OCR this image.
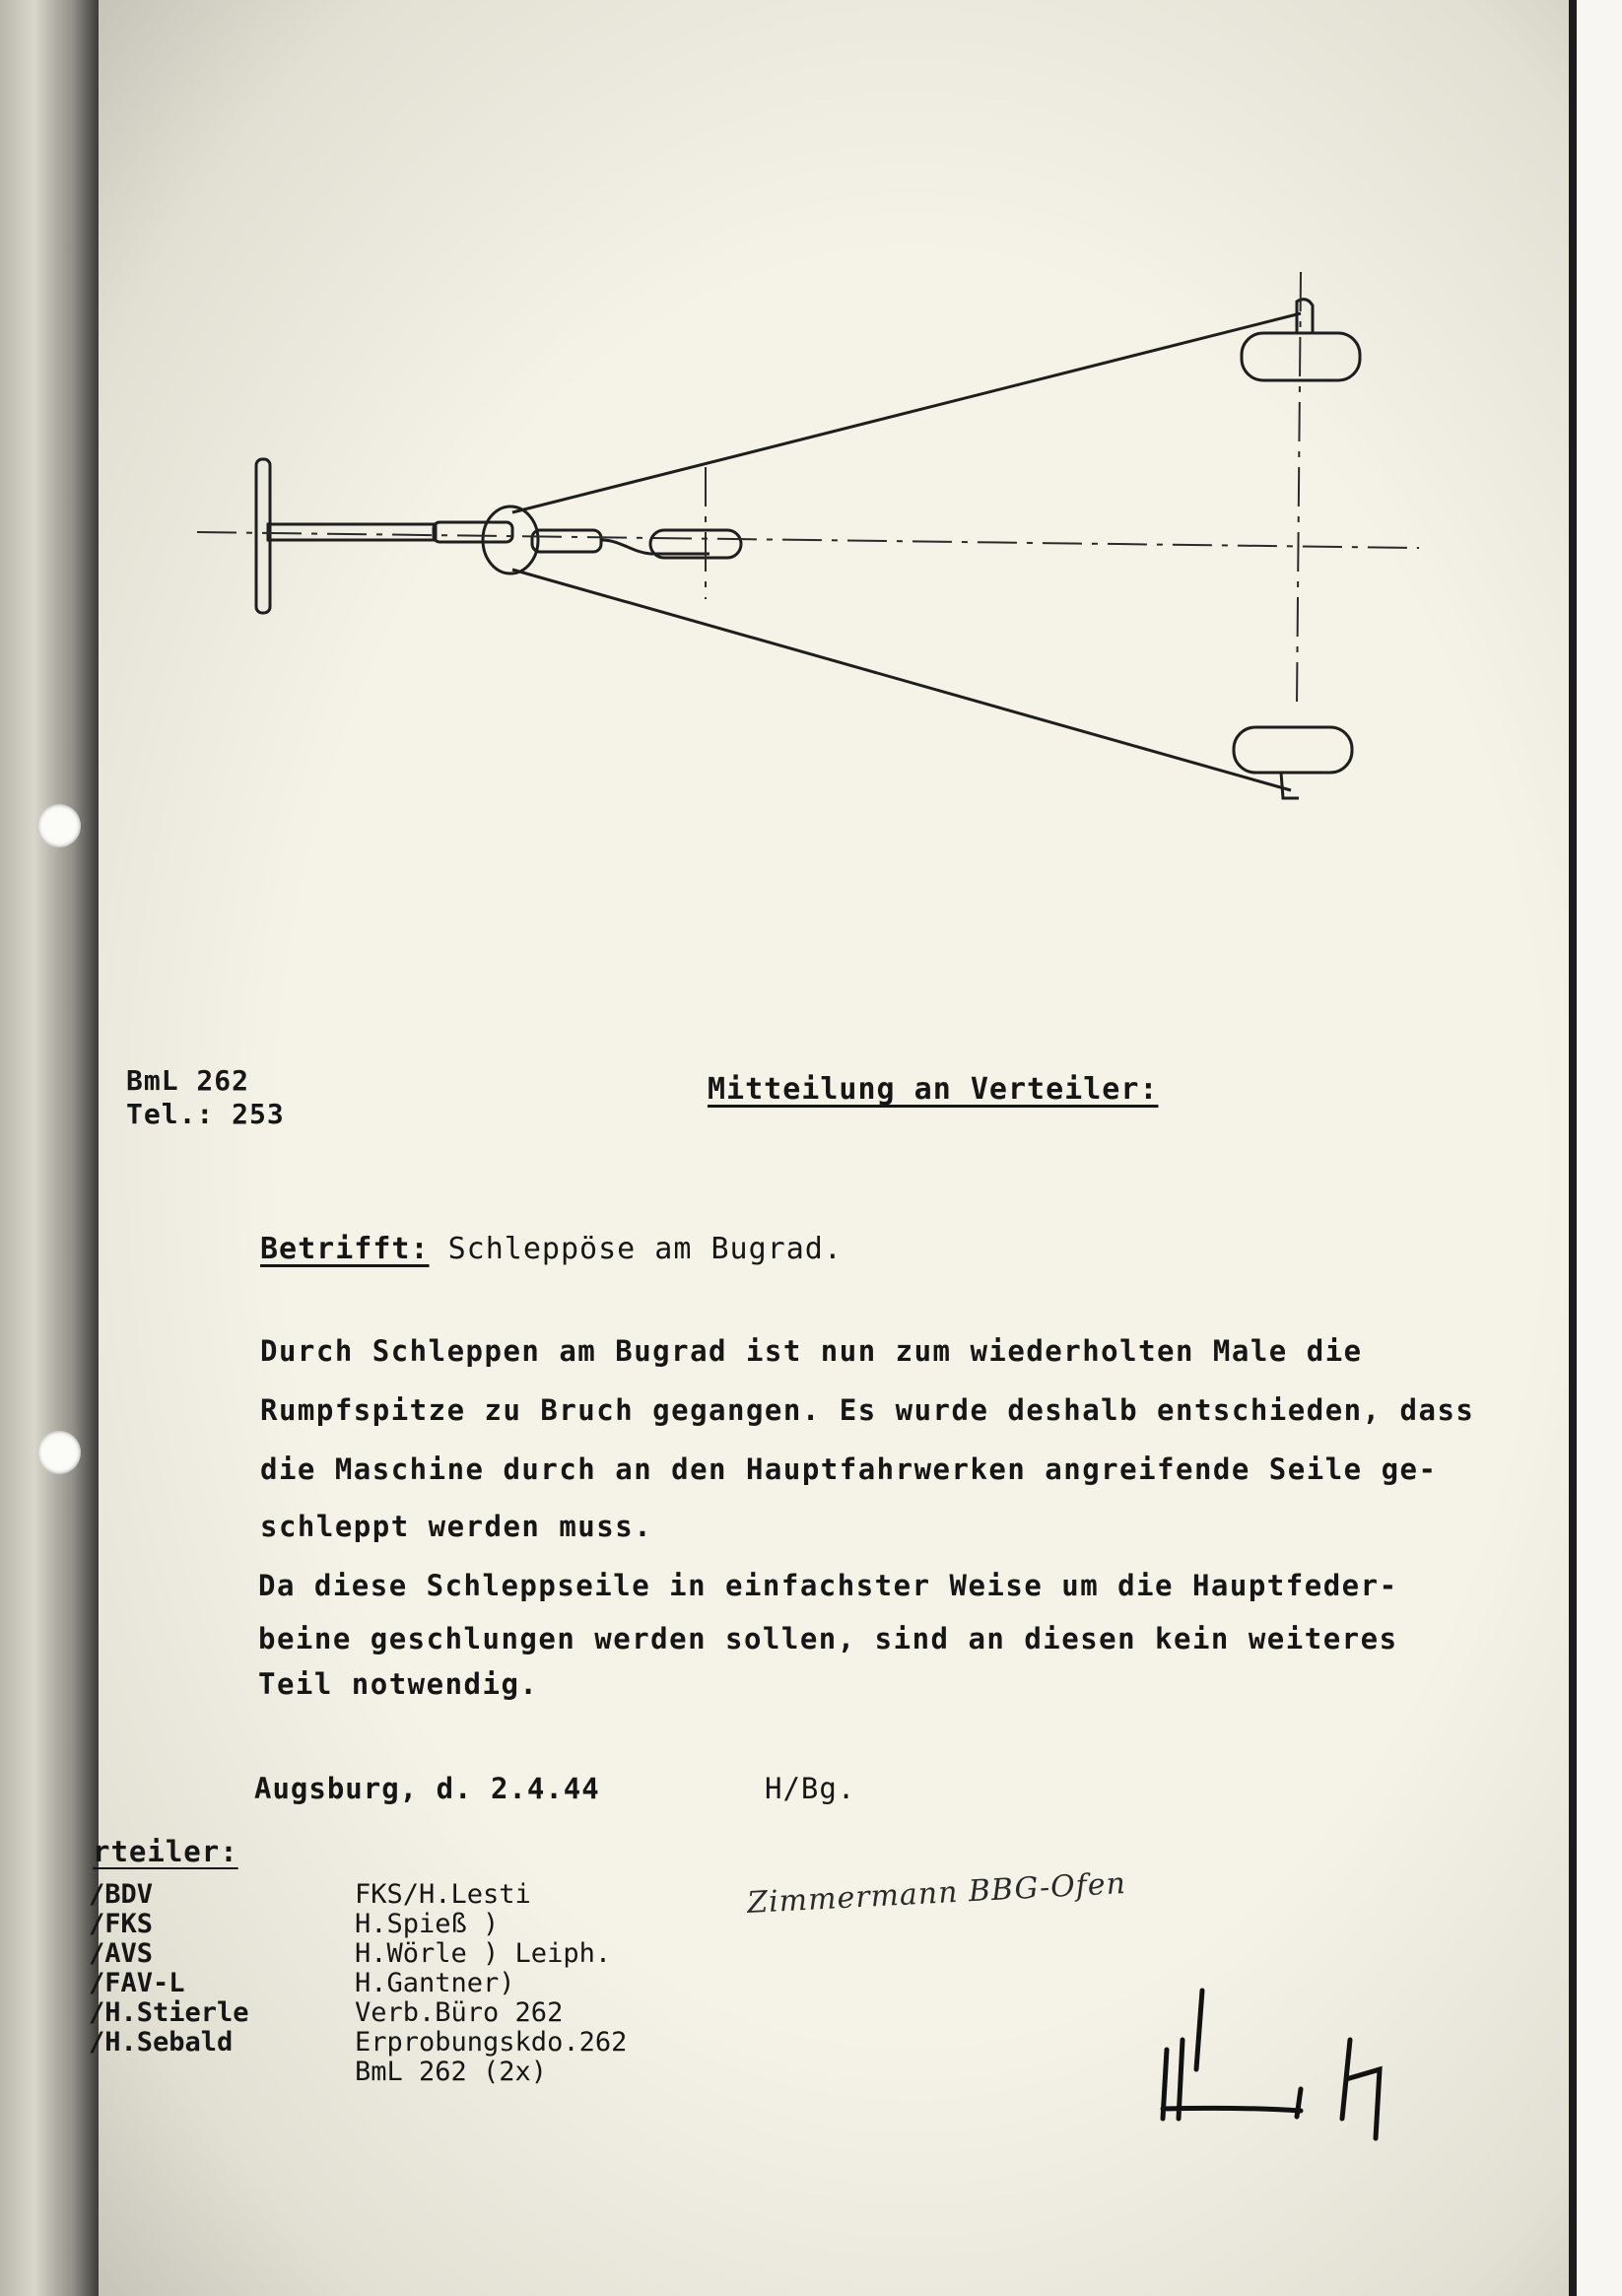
BmL 262
Tel.: 253
Mitteilung an Verteiler:
Betrifft: Schleppöse am Bugrad.
Durch Schleppen am Bugrad ist nun zum wiederholten Male die
Rumpfspitze zu Bruch gegangen. Es wurde deshalb entschieden, dass
die Maschine durch an den Hauptfahrwerken angreifende Seile ge-
schleppt werden muss.
Da diese Schleppseile in einfachster Weise um die Hauptfeder-
beine geschlungen werden sollen, sind an diesen kein weiteres
Teil notwendig.
Augsburg, d. 2.4.44	H/Bg.
rteiler:
/BDV
/FKS
/AVS
/FAV-L
/H.Stierle
/H.Sebald
FKS/H.Lesti
H.Spieß )
H.Wörle ) Leiph.
H.Gantner)
Verb.Büro 262
Erprobungskdo.262
BmL 262 (2x)
Zimmermann BBG-Ofen
